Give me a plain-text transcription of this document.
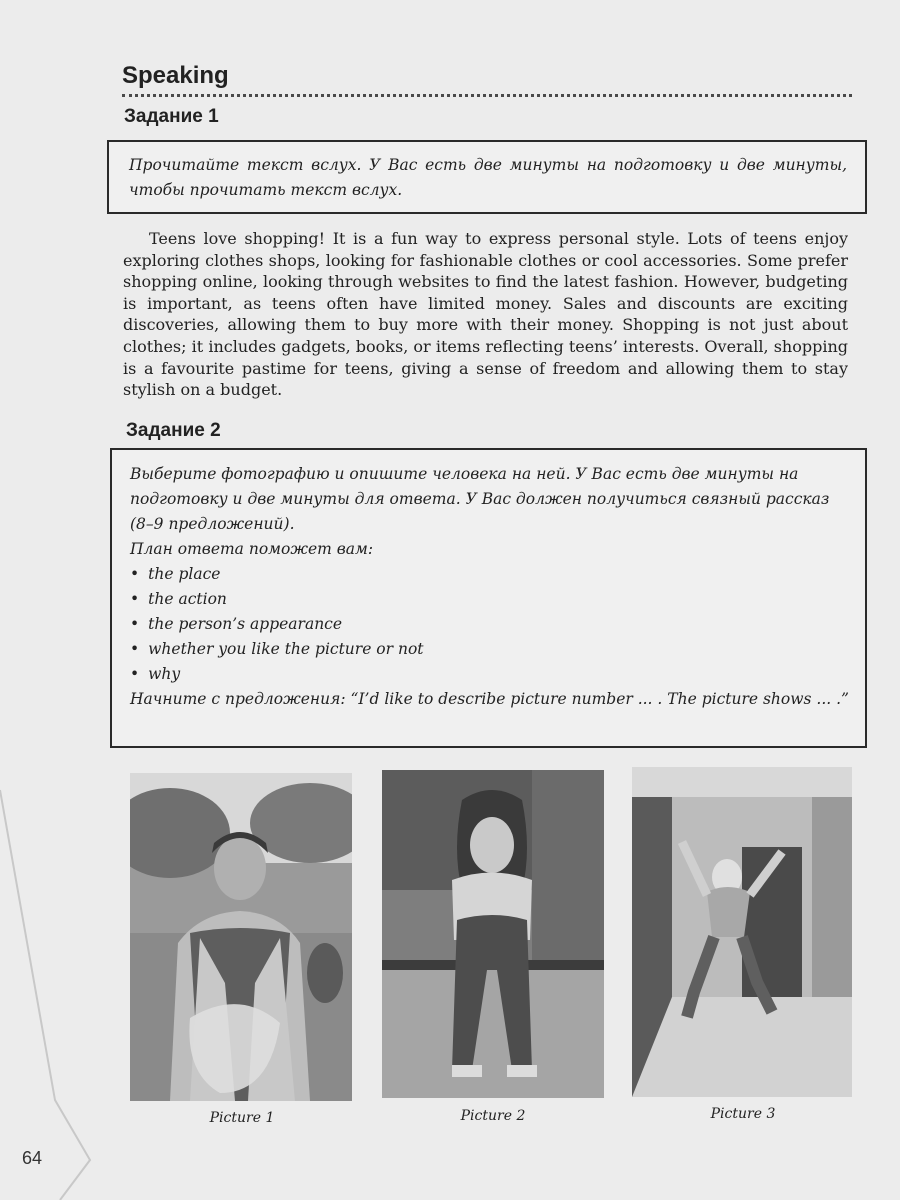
Speaking
Задание 1

Прочитайте текст вслух. У Вас есть две минуты на подготовку и две минуты, чтобы прочитать текст вслух.

Teens love shopping! It is a fun way to express personal style. Lots of teens enjoy exploring clothes shops, looking for fashionable clothes or cool accessories. Some prefer shopping online, looking through websites to find the latest fashion. However, budgeting is important, as teens often have limited money. Sales and discounts are exciting discoveries, allowing them to buy more with their money. Shopping is not just about clothes; it includes gadgets, books, or items reflecting teens’ interests. Overall, shopping is a favourite pastime for teens, giving a sense of freedom and allowing them to stay stylish on a budget.

Задание 2

Выберите фотографию и опишите человека на ней. У Вас есть две минуты на подготовку и две минуты для ответа. У Вас должен получиться связный рассказ (8–9 предложений).

План ответа поможет вам:

• the place
• the action
• the person’s appearance
• whether you like the picture or not
• why

Начните с предложения: “I’d like to describe picture number ... . The picture shows ... .”

Picture 1	Picture 2	Picture 3
64
